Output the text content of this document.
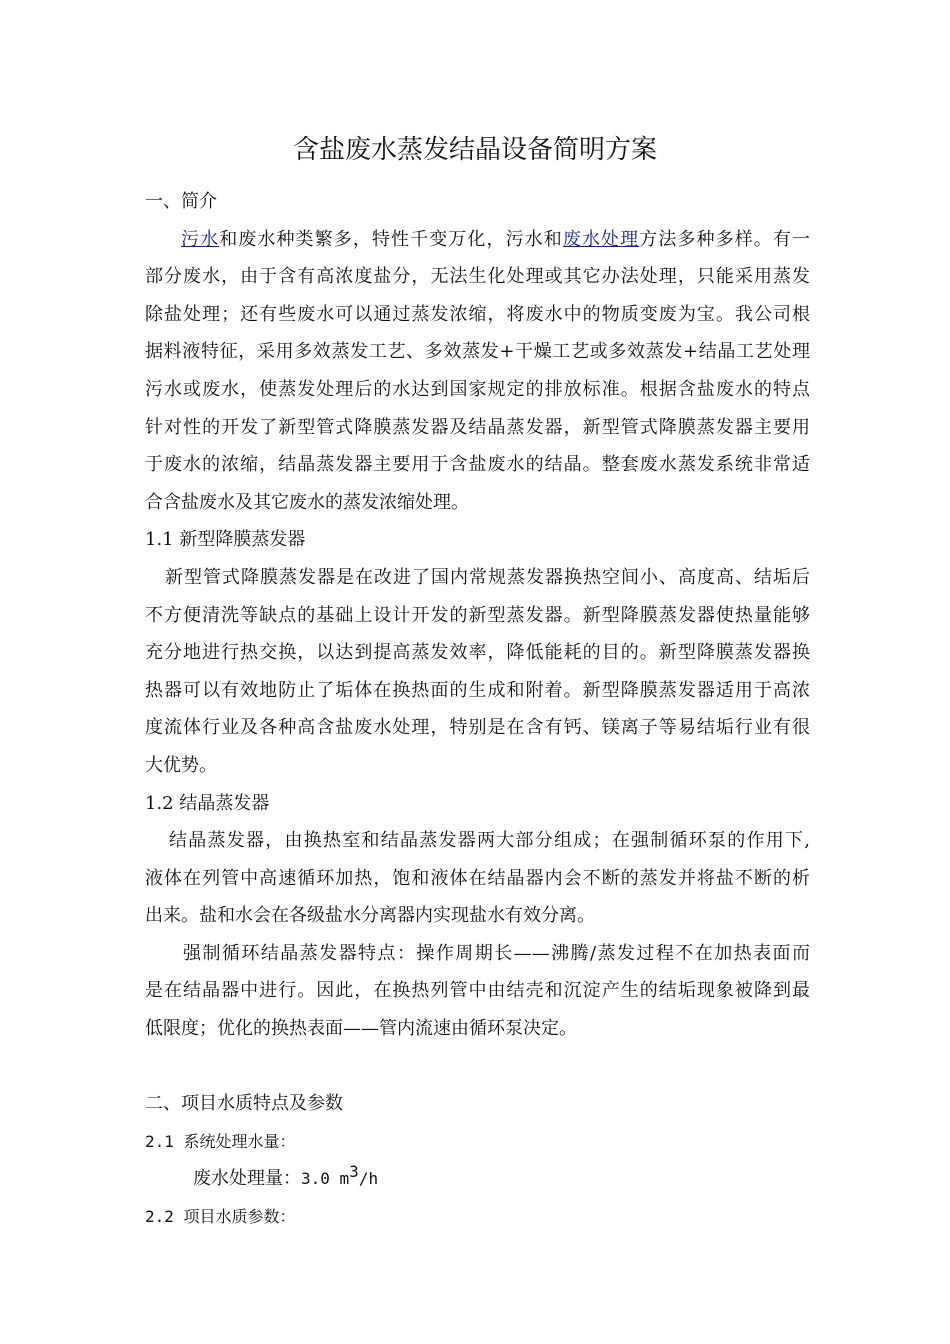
含盐废水蒸发结晶设备简明方案
一、简介
污水和废水种类繁多，特性千变万化，污水和废水处理方法多种多样。有一
部分废水，由于含有高浓度盐分，无法生化处理或其它办法处理，只能采用蒸发
除盐处理；还有些废水可以通过蒸发浓缩，将废水中的物质变废为宝。我公司根
据料液特征，采用多效蒸发工艺、多效蒸发+干燥工艺或多效蒸发+结晶工艺处理
污水或废水，使蒸发处理后的水达到国家规定的排放标准。根据含盐废水的特点
针对性的开发了新型管式降膜蒸发器及结晶蒸发器，新型管式降膜蒸发器主要用
于废水的浓缩，结晶蒸发器主要用于含盐废水的结晶。整套废水蒸发系统非常适
合含盐废水及其它废水的蒸发浓缩处理。
1.1 新型降膜蒸发器
新型管式降膜蒸发器是在改进了国内常规蒸发器换热空间小、高度高、结垢后
不方便清洗等缺点的基础上设计开发的新型蒸发器。新型降膜蒸发器使热量能够
充分地进行热交换，以达到提高蒸发效率，降低能耗的目的。新型降膜蒸发器换
热器可以有效地防止了垢体在换热面的生成和附着。新型降膜蒸发器适用于高浓
度流体行业及各种高含盐废水处理，特别是在含有钙、镁离子等易结垢行业有很
大优势。
1.2 结晶蒸发器
结晶蒸发器，由换热室和结晶蒸发器两大部分组成；在强制循环泵的作用下,
液体在列管中高速循环加热，饱和液体在结晶器内会不断的蒸发并将盐不断的析
出来。盐和水会在各级盐水分离器内实现盐水有效分离。
强制循环结晶蒸发器特点：操作周期长——沸腾/蒸发过程不在加热表面而
是在结晶器中进行。因此，在换热列管中由结壳和沉淀产生的结垢现象被降到最
低限度；优化的换热表面——管内流速由循环泵决定。
二、项目水质特点及参数
2.1 系统处理水量：
废水处理量：3.0 $m^3/h$
2.2 项目水质参数：
